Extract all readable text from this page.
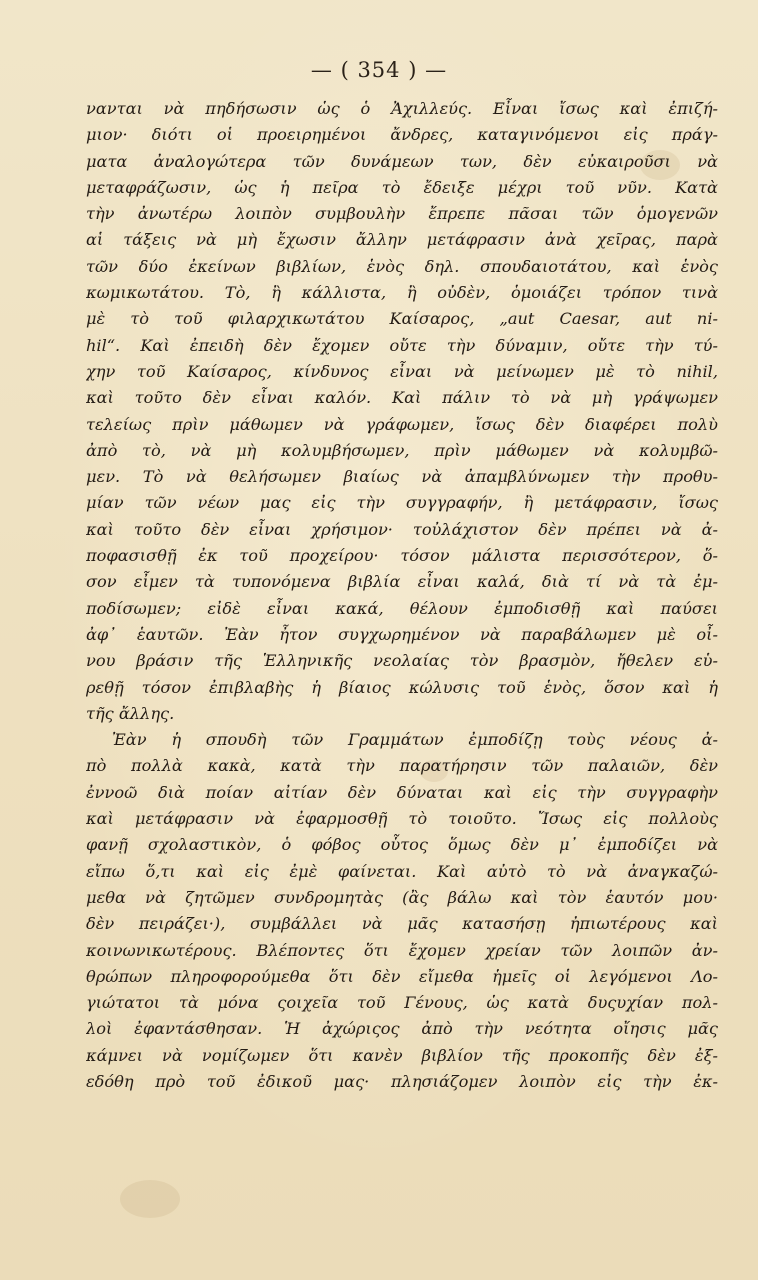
— ( 354 ) —
νανται νὰ πηδήσωσιν ὡς ὁ Ἀχιλλεύς. Εἶναι ἴσως καὶ ἐπιζή-
μιον· διότι οἱ προειρημένοι ἄνδρες, καταγινόμενοι εἰς πράγ-
ματα ἀναλογώτερα τῶν δυνάμεων των, δὲν εὐκαιροῦσι νὰ
μεταφράζωσιν, ὡς ἡ πεῖρα τὸ ἔδειξε μέχρι τοῦ νῦν. Κατὰ
τὴν ἀνωτέρω λοιπὸν συμβουλὴν ἔπρεπε πᾶσαι τῶν ὁμογενῶν
αἱ τάξεις νὰ μὴ ἔχωσιν ἄλλην μετάφρασιν ἀνὰ χεῖρας, παρὰ
τῶν δύο ἐκείνων βιβλίων, ἑνὸς δηλ. σπουδαιοτάτου, καὶ ἑνὸς
κωμικωτάτου. Τὸ, ἢ κάλλιστα, ἢ οὐδὲν, ὁμοιάζει τρόπον τινὰ
μὲ τὸ τοῦ φιλαρχικωτάτου Καίσαρος, „aut Caesar, aut ni-
hil“. Καὶ ἐπειδὴ δὲν ἔχομεν οὔτε τὴν δύναμιν, οὔτε τὴν τύ-
χην τοῦ Καίσαρος, κίνδυνος εἶναι νὰ μείνωμεν μὲ τὸ nihil,
καὶ τοῦτο δὲν εἶναι καλόν. Καὶ πάλιν τὸ νὰ μὴ γράψωμεν
τελείως πρὶν μάθωμεν νὰ γράφωμεν, ἴσως δὲν διαφέρει πολὺ
ἀπὸ τὸ, νὰ μὴ κολυμβήσωμεν, πρὶν μάθωμεν νὰ κολυμβῶ-
μεν. Τὸ νὰ θελήσωμεν βιαίως νὰ ἀπαμβλύνωμεν τὴν προθυ-
μίαν τῶν νέων μας εἰς τὴν συγγραφήν, ἢ μετάφρασιν, ἴσως
καὶ τοῦτο δὲν εἶναι χρήσιμον· τοὐλάχιστον δὲν πρέπει νὰ ἀ-
ποφασισθῇ ἐκ τοῦ προχείρου· τόσον μάλιστα περισσότερον, ὅ-
σον εἶμεν τὰ τυπονόμενα βιβλία εἶναι καλά, διὰ τί νὰ τὰ ἐμ-
ποδίσωμεν; εἰδὲ εἶναι κακά, θέλουν ἐμποδισθῇ καὶ παύσει
ἀφ᾽ ἑαυτῶν. Ἐὰν ἦτον συγχωρημένον νὰ παραβάλωμεν μὲ οἶ-
νου βράσιν τῆς Ἑλληνικῆς νεολαίας τὸν βρασμὸν, ἤθελεν εὑ-
ρεθῇ τόσον ἐπιβλαβὴς ἡ βίαιος κώλυσις τοῦ ἑνὸς, ὅσον καὶ ἡ
τῆς ἄλλης.
Ἐὰν ἡ σπουδὴ τῶν Γραμμάτων ἐμποδίζῃ τοὺς νέους ἀ-
πὸ πολλὰ κακὰ, κατὰ τὴν παρατήρησιν τῶν παλαιῶν, δὲν
ἐννοῶ διὰ ποίαν αἰτίαν δὲν δύναται καὶ εἰς τὴν συγγραφὴν
καὶ μετάφρασιν νὰ ἐφαρμοσθῇ τὸ τοιοῦτο. Ἴσως εἰς πολλοὺς
φανῇ σχολαστικὸν, ὁ φόβος οὗτος ὅμως δὲν μ᾽ ἐμποδίζει νὰ
εἴπω ὅ,τι καὶ εἰς ἐμὲ φαίνεται. Καὶ αὐτὸ τὸ νὰ ἀναγκαζώ-
μεθα νὰ ζητῶμεν συνδρομητὰς (ἂς βάλω καὶ τὸν ἑαυτόν μου·
δὲν πειράζει·), συμβάλλει νὰ μᾶς κατασήσῃ ἠπιωτέρους καὶ
κοινωνικωτέρους. Βλέποντες ὅτι ἔχομεν χρείαν τῶν λοιπῶν ἀν-
θρώπων πληροφορούμεθα ὅτι δὲν εἴμεθα ἡμεῖς οἱ λεγόμενοι Λο-
γιώτατοι τὰ μόνα ςοιχεῖα τοῦ Γένους, ὡς κατὰ δυςυχίαν πολ-
λοὶ ἐφαντάσθησαν. Ἡ ἀχώριςος ἀπὸ τὴν νεότητα οἴησις μᾶς
κάμνει νὰ νομίζωμεν ὅτι κανὲν βιβλίον τῆς προκοπῆς δὲν ἐξ-
εδόθη πρὸ τοῦ ἐδικοῦ μας· πλησιάζομεν λοιπὸν εἰς τὴν ἐκ-
